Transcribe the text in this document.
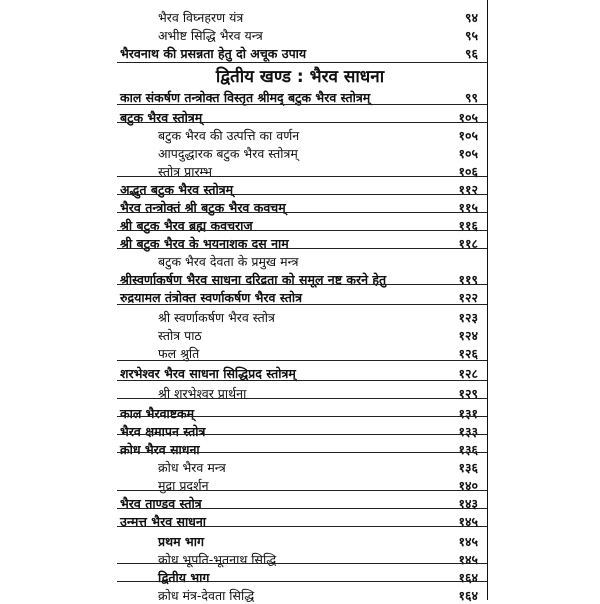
द्वितीय खण्ड : भैरव साधना
भैरव विघ्नहरण यंत्र	९४
अभीष्ट सिद्धि भैरव यन्त्र	९५
भैरवनाथ की प्रसन्नता हेतु दो अचूक उपाय	९६
काल संकर्षण तन्त्रोक्त विस्तृत श्रीमद् बटुक भैरव स्तोत्रम्	९९
बटुक भैरव स्तोत्रम्	१०५
बटुक भैरव की उत्पत्ति का वर्णन	१०५
आपदुद्धारक बटुक भैरव स्तोत्रम्	१०५
स्तोत्र प्रारम्भ	१०६
अद्भुत बटुक भैरव स्तोत्रम्	११२
भैरव तन्त्रोक्तं श्री बटुक भैरव कवचम्	११५
श्री बटुक भैरव ब्रह्म कवचराज	११६
श्री बटुक भैरव के भयनाशक दस नाम	११८
बटुक भैरव देवता के प्रमुख मन्त्र
श्रीस्वर्णाकर्षण भैरव साधना दरिद्रता को समूल नष्ट करने हेतु	११९
रुद्रयामल तंत्रोक्त स्वर्णाकर्षण भैरव स्तोत्र	१२२
श्री स्वर्णाकर्षण भैरव स्तोत्र	१२३
स्तोत्र पाठ	१२४
फल श्रुति	१२६
शरभेश्वर भैरव साधना सिद्धिप्रद स्तोत्रम्	१२८
श्री शरभेश्वर प्रार्थना	१२९
काल भैरवाष्टकम्	१३१
भैरव क्षमापन स्तोत्र	१३३
क्रोध भैरव साधना	१३६
क्रोध भैरव मन्त्र	१३६
मुद्रा प्रदर्शन	१४०
भैरव ताण्डव स्तोत्र	१४३
उन्मत्त भैरव साधना	१४५
प्रथम भाग	१४५
क्रोध भूपति-भूतनाथ सिद्धि	१४५
द्वितीय भाग	१६४
क्रोध मंत्र-देवता सिद्धि	१६४
